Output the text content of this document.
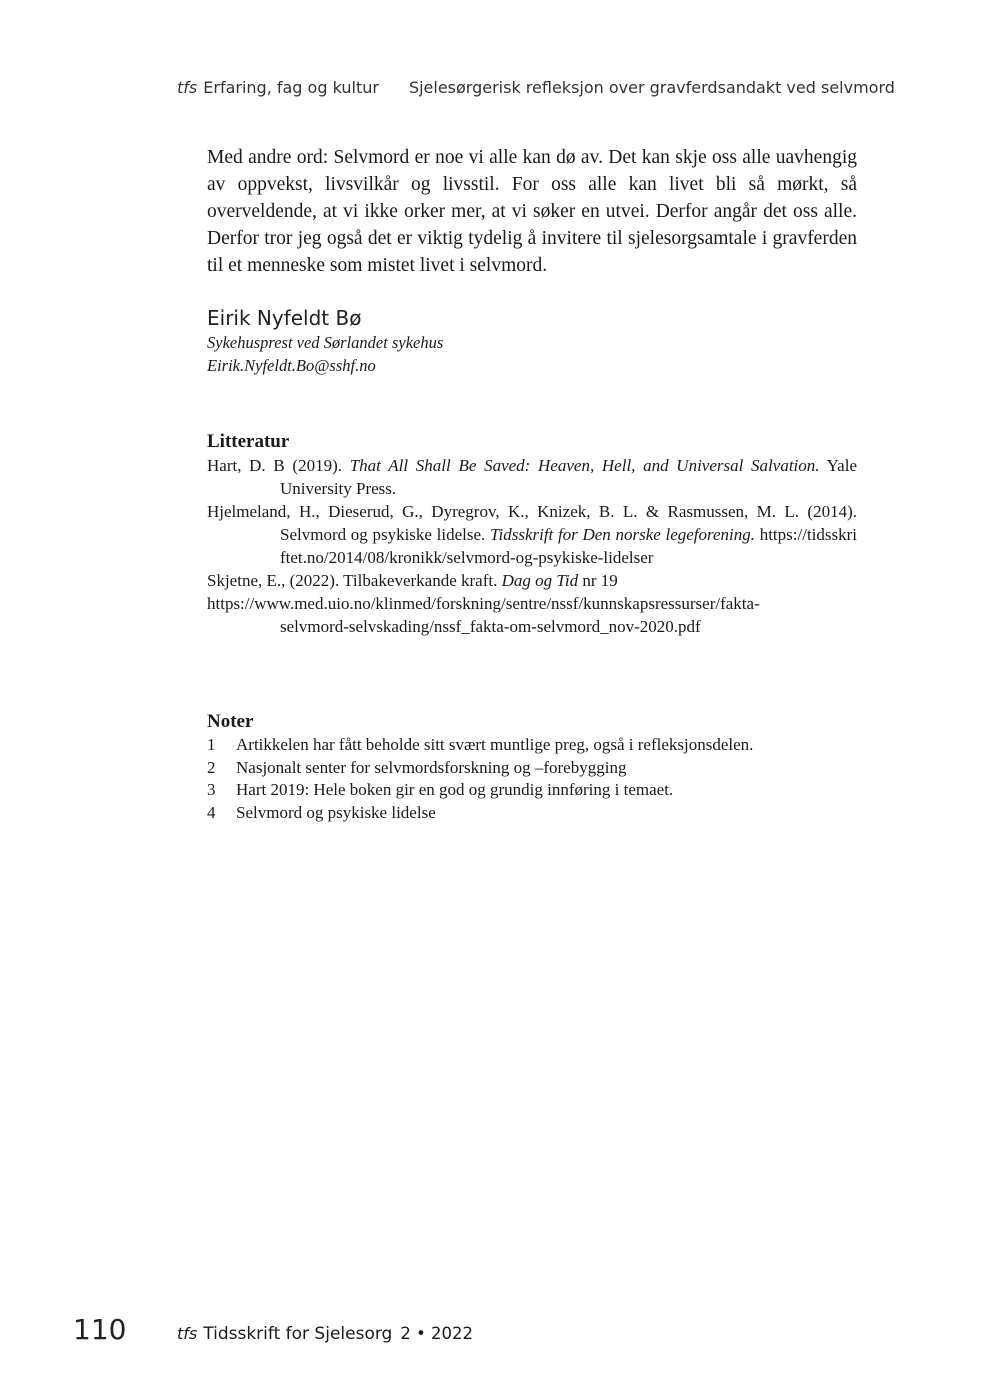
tfs Erfaring, fag og kultur Sjelesørgerisk refleksjon over gravferdsandakt ved selvmord

Med andre ord: Selvmord er noe vi alle kan dø av. Det kan skje oss alle uavhengig av oppvekst, livsvilkår og livsstil. For oss alle kan livet bli så mørkt, så overveldende, at vi ikke orker mer, at vi søker en utvei. Derfor angår det oss alle. Derfor tror jeg også det er viktig tydelig å invitere til sjelesorgsamtale i gravferden til et menneske som mistet livet i selvmord.

Eirik Nyfeldt Bø
Sykehusprest ved Sørlandet sykehus
Eirik.Nyfeldt.Bo@sshf.no
Litteratur
Hart, D. B (2019). That All Shall Be Saved: Heaven, Hell, and Universal Salvation. Yale University Press.
Hjelmeland, H., Dieserud, G., Dyregrov, K., Knizek, B. L. & Rasmussen, M. L. (2014). Selvmord og psykiske lidelse. Tidsskrift for Den norske legeforening. https://tidsskriftet.no/2014/08/kronikk/selvmord-og-psykiske-lidelser
Skjetne, E., (2022). Tilbakeverkande kraft. Dag og Tid nr 19
https://www.med.uio.no/klinmed/forskning/sentre/nssf/kunnskapsressurser/fakta-
selvmord-selvskading/nssf_fakta-om-selvmord_nov-2020.pdf
Noter
1	Artikkelen har fått beholde sitt svært muntlige preg, også i refleksjonsdelen.
2	Nasjonalt senter for selvmordsforskning og –forebygging
3	Hart 2019: Hele boken gir en god og grundig innføring i temaet.
4	Selvmord og psykiske lidelse
110	tfs Tidsskrift for Sjelesorg 2 • 2022
